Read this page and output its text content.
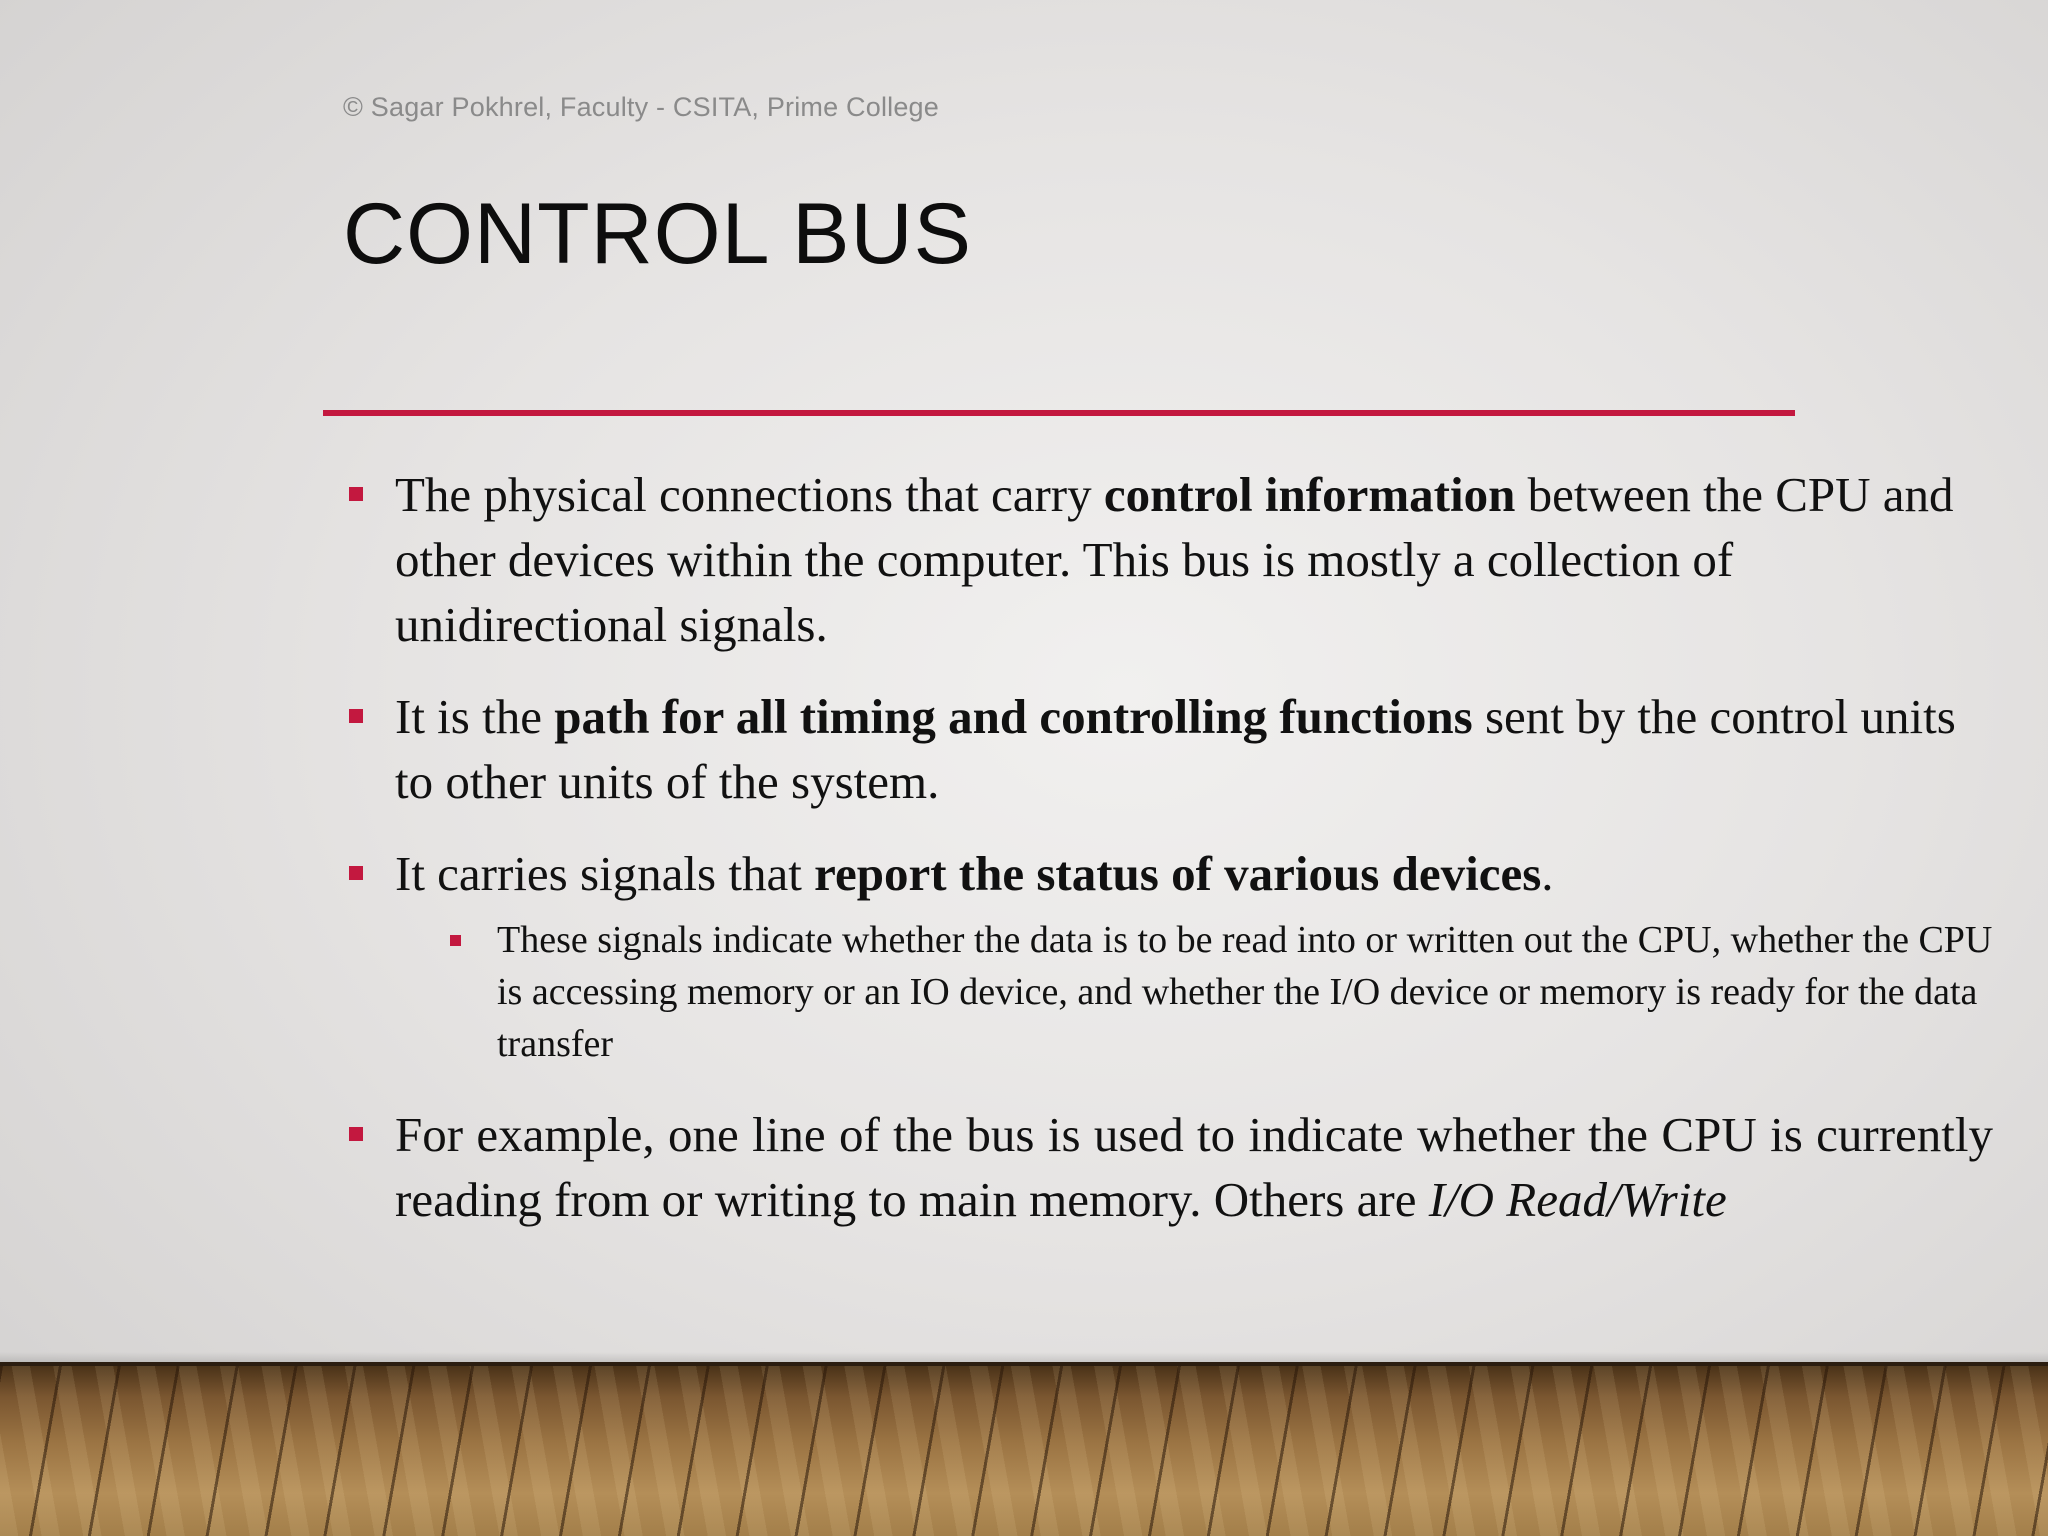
© Sagar Pokhrel, Faculty - CSITA, Prime College
CONTROL BUS
The physical connections that carry control information between the CPU and other devices within the computer. This bus is mostly a collection of unidirectional signals.
It is the path for all timing and controlling functions sent by the control units to other units of the system.
It carries signals that report the status of various devices.
These signals indicate whether the data is to be read into or written out the CPU, whether the CPU is accessing memory or an IO device, and whether the I/O device or memory is ready for the data transfer
For example, one line of the bus is used to indicate whether the CPU is currently reading from or writing to main memory. Others are I/O Read/Write
